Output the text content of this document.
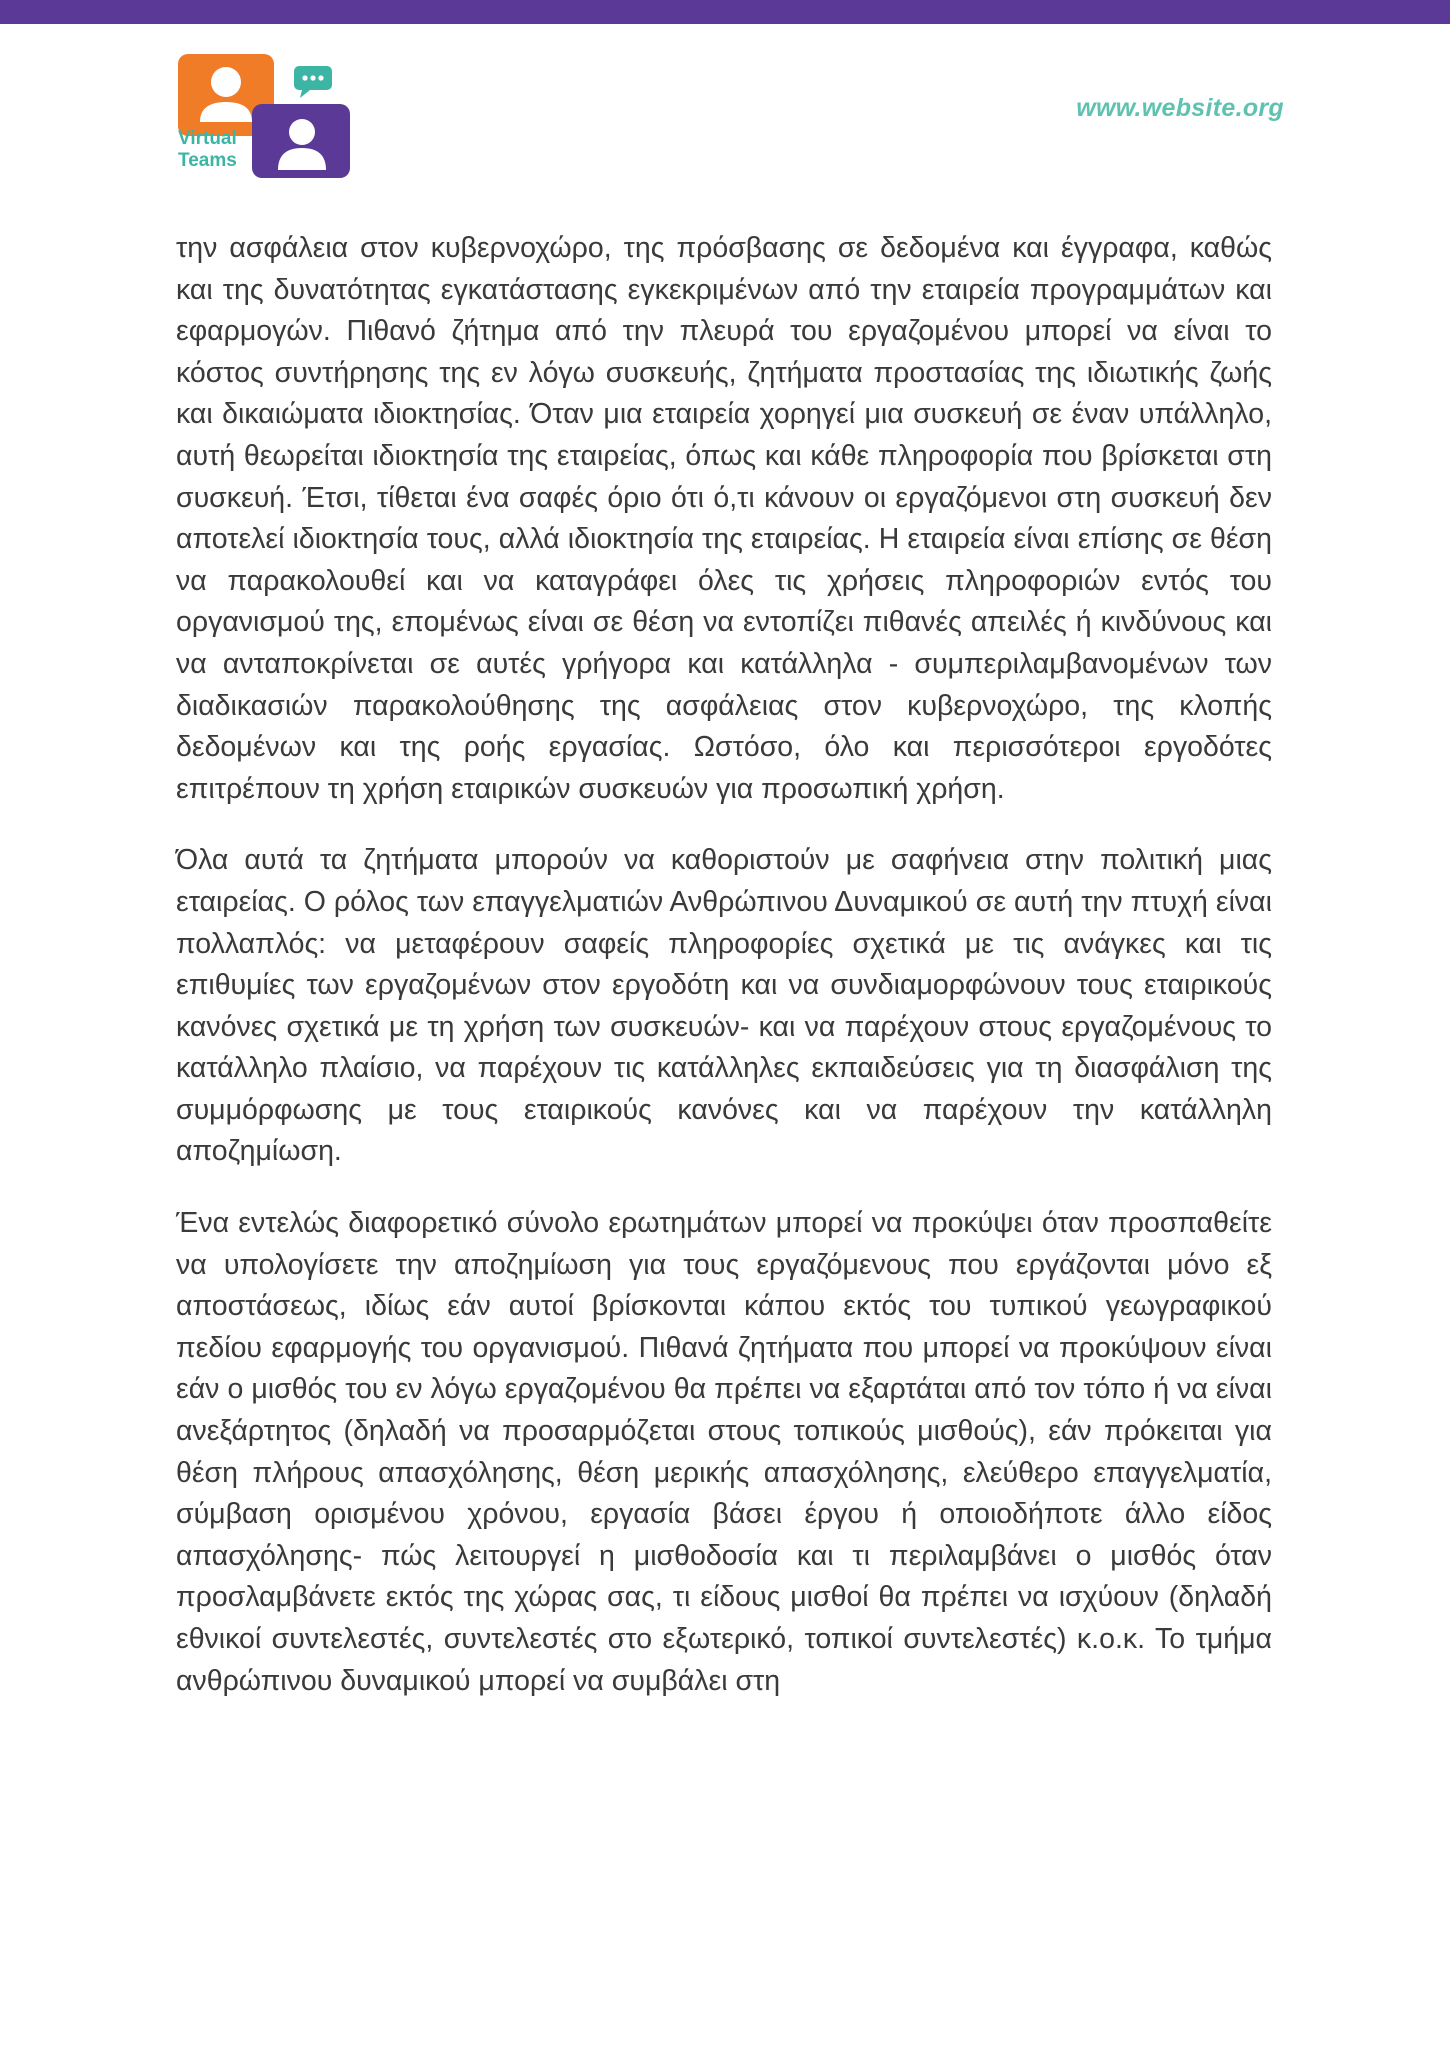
Virtual
Teams
www.website.org

την ασφάλεια στον κυβερνοχώρο, της πρόσβασης σε δεδομένα και έγγραφα, καθώς και της δυνατότητας εγκατάστασης εγκεκριμένων από την εταιρεία προγραμμάτων και εφαρμογών. Πιθανό ζήτημα από την πλευρά του εργαζομένου μπορεί να είναι το κόστος συντήρησης της εν λόγω συσκευής, ζητήματα προστασίας της ιδιωτικής ζωής και δικαιώματα ιδιοκτησίας. Όταν μια εταιρεία χορηγεί μια συσκευή σε έναν υπάλληλο, αυτή θεωρείται ιδιοκτησία της εταιρείας, όπως και κάθε πληροφορία που βρίσκεται στη συσκευή. Έτσι, τίθεται ένα σαφές όριο ότι ό,τι κάνουν οι εργαζόμενοι στη συσκευή δεν αποτελεί ιδιοκτησία τους, αλλά ιδιοκτησία της εταιρείας. Η εταιρεία είναι επίσης σε θέση να παρακολουθεί και να καταγράφει όλες τις χρήσεις πληροφοριών εντός του οργανισμού της, επομένως είναι σε θέση να εντοπίζει πιθανές απειλές ή κινδύνους και να ανταποκρίνεται σε αυτές γρήγορα και κατάλληλα - συμπεριλαμβανομένων των διαδικασιών παρακολούθησης της ασφάλειας στον κυβερνοχώρο, της κλοπής δεδομένων και της ροής εργασίας. Ωστόσο, όλο και περισσότεροι εργοδότες επιτρέπουν τη χρήση εταιρικών συσκευών για προσωπική χρήση.

Όλα αυτά τα ζητήματα μπορούν να καθοριστούν με σαφήνεια στην πολιτική μιας εταιρείας. Ο ρόλος των επαγγελματιών Ανθρώπινου Δυναμικού σε αυτή την πτυχή είναι πολλαπλός: να μεταφέρουν σαφείς πληροφορίες σχετικά με τις ανάγκες και τις επιθυμίες των εργαζομένων στον εργοδότη και να συνδιαμορφώνουν τους εταιρικούς κανόνες σχετικά με τη χρήση των συσκευών- και να παρέχουν στους εργαζομένους το κατάλληλο πλαίσιο, να παρέχουν τις κατάλληλες εκπαιδεύσεις για τη διασφάλιση της συμμόρφωσης με τους εταιρικούς κανόνες και να παρέχουν την κατάλληλη αποζημίωση.

Ένα εντελώς διαφορετικό σύνολο ερωτημάτων μπορεί να προκύψει όταν προσπαθείτε να υπολογίσετε την αποζημίωση για τους εργαζόμενους που εργάζονται μόνο εξ αποστάσεως, ιδίως εάν αυτοί βρίσκονται κάπου εκτός του τυπικού γεωγραφικού πεδίου εφαρμογής του οργανισμού. Πιθανά ζητήματα που μπορεί να προκύψουν είναι εάν ο μισθός του εν λόγω εργαζομένου θα πρέπει να εξαρτάται από τον τόπο ή να είναι ανεξάρτητος (δηλαδή να προσαρμόζεται στους τοπικούς μισθούς), εάν πρόκειται για θέση πλήρους απασχόλησης, θέση μερικής απασχόλησης, ελεύθερο επαγγελματία, σύμβαση ορισμένου χρόνου, εργασία βάσει έργου ή οποιοδήποτε άλλο είδος απασχόλησης- πώς λειτουργεί η μισθοδοσία και τι περιλαμβάνει ο μισθός όταν προσλαμβάνετε εκτός της χώρας σας, τι είδους μισθοί θα πρέπει να ισχύουν (δηλαδή εθνικοί συντελεστές, συντελεστές στο εξωτερικό, τοπικοί συντελεστές) κ.ο.κ. Το τμήμα ανθρώπινου δυναμικού μπορεί να συμβάλει στη
